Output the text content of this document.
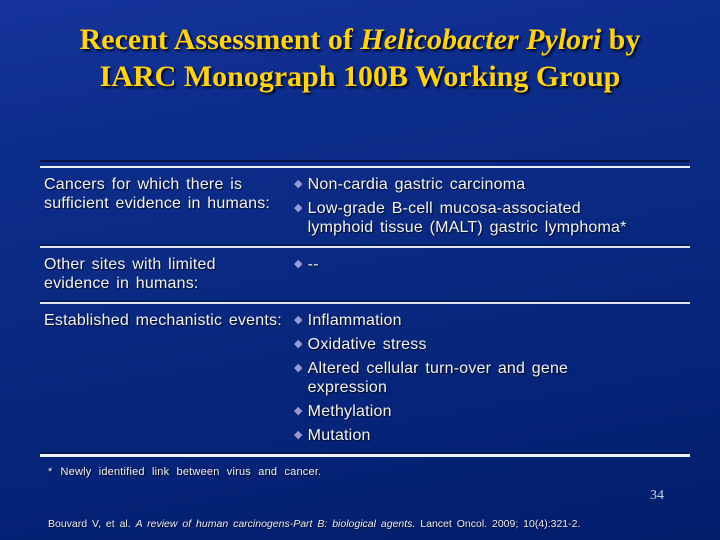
Recent Assessment of Helicobacter Pylori by
IARC Monograph 100B Working Group
Cancers for which there is sufficient evidence in humans:
◆ Non-cardia gastric carcinoma
◆ Low-grade B-cell mucosa-associated lymphoid tissue (MALT) gastric lymphoma*
Other sites with limited evidence in humans:
◆ --
Established mechanistic events:	◆ Inflammation
◆ Oxidative stress
◆ Altered cellular turn-over and gene expression
◆ Methylation
◆ Mutation
* Newly identified link between virus and cancer.
34
Bouvard V, et al. A review of human carcinogens-Part B: biological agents. Lancet Oncol. 2009; 10(4):321-2.
